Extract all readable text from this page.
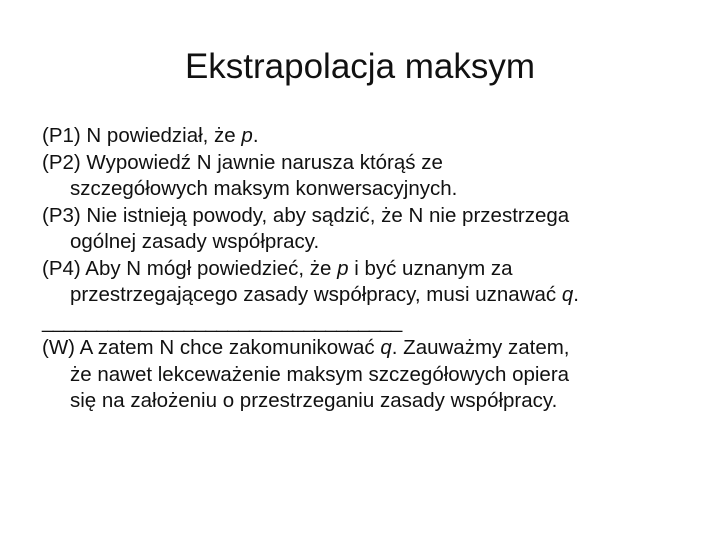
Ekstrapolacja maksym

(P1) N powiedział, że p.

(P2) Wypowiedź N jawnie narusza którąś ze
szczegółowych maksym konwersacyjnych.

(P3) Nie istnieją powody, aby sądzić, że N nie przestrzega
ogólnej zasady współpracy.

(P4) Aby N mógł powiedzieć, że p i być uznanym za
przestrzegającego zasady współpracy, musi uznawać q.

_________________________________

(W) A zatem N chce zakomunikować q. Zauważmy zatem,
że nawet lekceważenie maksym szczegółowych opiera
się na założeniu o przestrzeganiu zasady współpracy.
